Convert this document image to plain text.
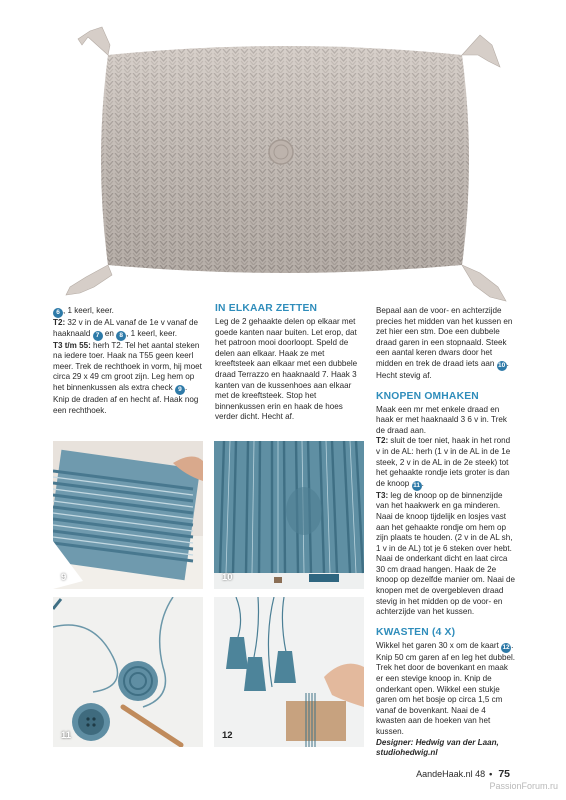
6 , 1 keerl, keer.

T2: 32 v in de AL vanaf de 1e v vanaf de haaknaald 7 en 8 , 1 keerl, keer.

T3 t/m 55: herh T2. Tel het aantal steken na iedere toer. Haak na T55 geen keerl meer. Trek de rechthoek in vorm, hij moet circa 29 x 49 cm groot zijn. Leg hem op het binnenkussen als extra check 9 . Knip de draden af en hecht af. Haak nog een rechthoek.

IN ELKAAR ZETTEN

Leg de 2 gehaakte delen op elkaar met goede kanten naar buiten. Let erop, dat het patroon mooi doorloopt. Speld de delen aan elkaar. Haak ze met kreeftsteek aan elkaar met een dubbele draad Terrazzo en haaknaald 7. Haak 3 kanten van de kussenhoes aan elkaar met de kreeftsteek. Stop het binnenkussen erin en haak de hoes verder dicht. Hecht af.

Bepaal aan de voor- en achterzijde precies het midden van het kussen en zet hier een stm. Doe een dubbele draad garen in een stopnaald. Steek een aantal keren dwars door het midden en trek de draad iets aan 10. Hecht stevig af.

KNOPEN OMHAKEN

Maak een mr met enkele draad en haak er met haaknaald 3 6 v in. Trek de draad aan.

T2: sluit de toer niet, haak in het rond v in de AL: herh (1 v in de AL in de 1e steek, 2 v in de AL in de 2e steek) tot het gehaakte rondje iets groter is dan de knoop 11 .

T3: leg de knoop op de binnenzijde van het haakwerk en ga minderen. Naai de knoop tijdelijk en losjes vast aan het gehaakte rondje om hem op zijn plaats te houden. (2 v in de AL sh, 1 v in de AL) tot je 6 steken over hebt. Naai de onderkant dicht en laat circa 30 cm draad hangen. Haak de 2e knoop op dezelfde manier om. Naai de knopen met de overgebleven draad stevig in het midden op de voor- en achterzijde van het kussen.

KWASTEN (4 X)

Wikkel het garen 30 x om de kaart 12. Knip 50 cm garen af en leg het dubbel. Trek het door de bovenkant en maak er een stevige knoop in. Knip de onderkant open. Wikkel een stukje garen om het bosje op circa 1,5 cm vanaf de bovenkant. Naai de 4 kwasten aan de hoeken van het kussen.

Designer: Hedwig van der Laan, studiohedwig.nl

9	10
11	12
AandeHaak.nl 48 • 75
PassionForum.ru
